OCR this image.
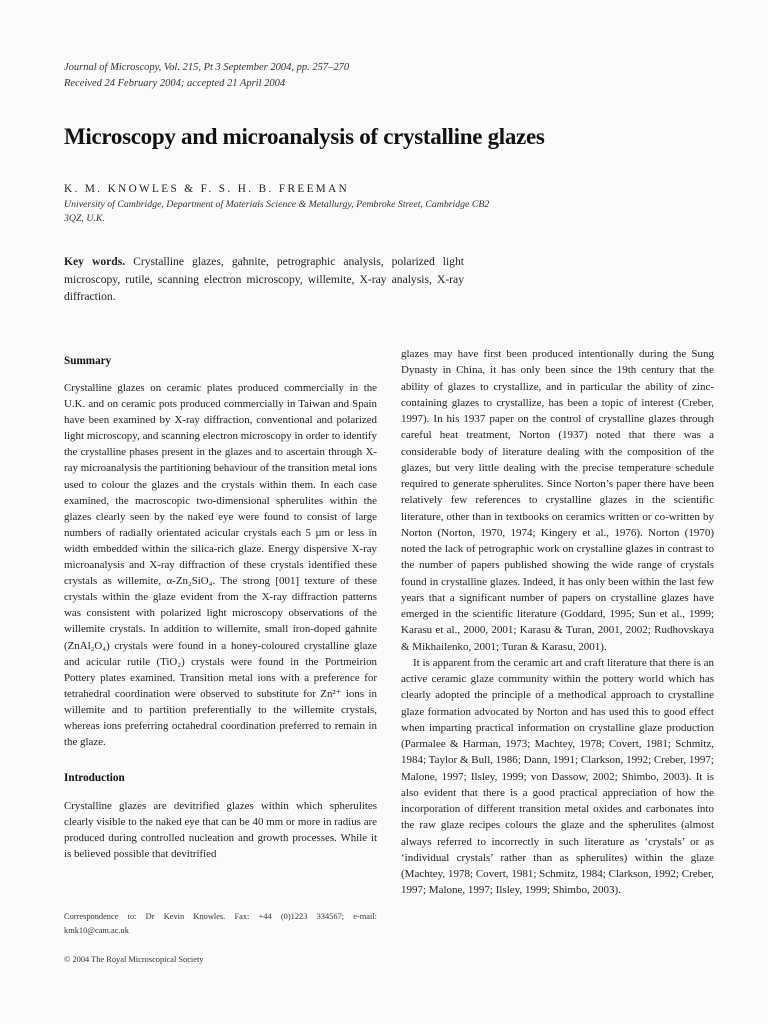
Journal of Microscopy, Vol. 215, Pt 3 September 2004, pp. 257–270
Received 24 February 2004; accepted 21 April 2004
Microscopy and microanalysis of crystalline glazes
K. M. KNOWLES & F. S. H. B. FREEMAN
University of Cambridge, Department of Materials Science & Metallurgy, Pembroke Street, Cambridge CB2 3QZ, U.K.
Key words. Crystalline glazes, gahnite, petrographic analysis, polarized light microscopy, rutile, scanning electron microscopy, willemite, X-ray analysis, X-ray diffraction.
Summary

Crystalline glazes on ceramic plates produced commercially in the U.K. and on ceramic pots produced commercially in Taiwan and Spain have been examined by X-ray diffraction, conventional and polarized light microscopy, and scanning electron microscopy in order to identify the crystalline phases present in the glazes and to ascertain through X-ray microanalysis the partitioning behaviour of the transition metal ions used to colour the glazes and the crystals within them. In each case examined, the macroscopic two-dimensional spherulites within the glazes clearly seen by the naked eye were found to consist of large numbers of radially orientated acicular crystals each 5 µm or less in width embedded within the silica-rich glaze. Energy dispersive X-ray microanalysis and X-ray diffraction of these crystals identified these crystals as willemite, α-Zn₂SiO₄. The strong [001] texture of these crystals within the glaze evident from the X-ray diffraction patterns was consistent with polarized light microscopy observations of the willemite crystals. In addition to willemite, small iron-doped gahnite (ZnAl₂O₄) crystals were found in a honey-coloured crystalline glaze and acicular rutile (TiO₂) crystals were found in the Portmeirion Pottery plates examined. Transition metal ions with a preference for tetrahedral coordination were observed to substitute for Zn²⁺ ions in willemite and to partition preferentially to the willemite crystals, whereas ions preferring octahedral coordination preferred to remain in the glaze.

Introduction

Crystalline glazes are devitrified glazes within which spherulites clearly visible to the naked eye that can be 40 mm or more in radius are produced during controlled nucleation and growth processes. While it is believed possible that devitrified

glazes may have first been produced intentionally during the Sung Dynasty in China, it has only been since the 19th century that the ability of glazes to crystallize, and in particular the ability of zinc-containing glazes to crystallize, has been a topic of interest (Creber, 1997). In his 1937 paper on the control of crystalline glazes through careful heat treatment, Norton (1937) noted that there was a considerable body of literature dealing with the composition of the glazes, but very little dealing with the precise temperature schedule required to generate spherulites. Since Norton’s paper there have been relatively few references to crystalline glazes in the scientific literature, other than in textbooks on ceramics written or co-written by Norton (Norton, 1970, 1974; Kingery et al., 1976). Norton (1970) noted the lack of petrographic work on crystalline glazes in contrast to the number of papers published showing the wide range of crystals found in crystalline glazes. Indeed, it has only been within the last few years that a significant number of papers on crystalline glazes have emerged in the scientific literature (Goddard, 1995; Sun et al., 1999; Karasu et al., 2000, 2001; Karasu & Turan, 2001, 2002; Rudhovskaya & Mikhailenko, 2001; Turan & Karasu, 2001).

It is apparent from the ceramic art and craft literature that there is an active ceramic glaze community within the pottery world which has clearly adopted the principle of a methodical approach to crystalline glaze formation advocated by Norton and has used this to good effect when imparting practical information on crystalline glaze production (Parmalee & Harman, 1973; Machtey, 1978; Covert, 1981; Schmitz, 1984; Taylor & Bull, 1986; Dann, 1991; Clarkson, 1992; Creber, 1997; Malone, 1997; Ilsley, 1999; von Dassow, 2002; Shimbo, 2003). It is also evident that there is a good practical appreciation of how the incorporation of different transition metal oxides and carbonates into the raw glaze recipes colours the glaze and the spherulites (almost always referred to incorrectly in such literature as ‘crystals’ or as ‘individual crystals’ rather than as spherulites) within the glaze (Machtey, 1978; Covert, 1981; Schmitz, 1984; Clarkson, 1992; Creber, 1997; Malone, 1997; Ilsley, 1999; Shimbo, 2003).

Correspondence to: Dr Kevin Knowles. Fax: +44 (0)1223 334567; e-mail: kmk10@cam.ac.uk
© 2004 The Royal Microscopical Society
